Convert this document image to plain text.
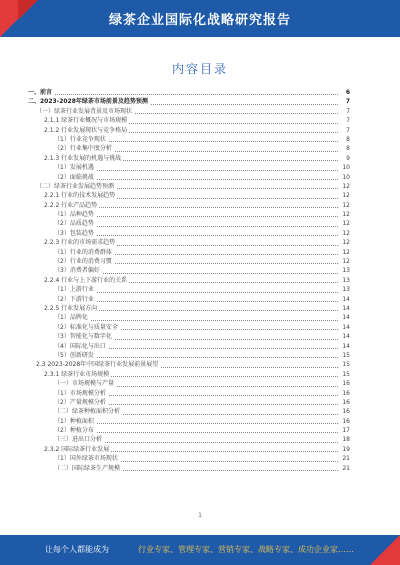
绿茶企业国际化战略研究报告
内容目录
一、前言	6
二、2023-2028年绿茶市场前景及趋势预测	7
（一）绿茶行业发展背景及市场现状	7
2.1.1 绿茶行业概况与市场规模	7
2.1.2 行业发展现状与竞争格局	7
（1）行业竞争现状	8
（2）行业集中度分析	8
2.1.3 行业发展的机遇与挑战	9
（1）发展机遇	10
（2）面临挑战	10
（二）绿茶行业发展趋势预测	12
2.2.1 行业的技术发展趋势	12
2.2.2 行业产品趋势	12
（1）品种趋势	12
（2）品质趋势	12
（3）包装趋势	12
2.2.3 行业的市场需求趋势	12
（1）行业的消费群体	12
（2）行业的消费习惯	12
（3）消费者偏好	13
2.2.4 行业与上下游行业的关系	13
（1）上游行业	13
（2）下游行业	14
2.2.5 行业发展方向	14
（1）品牌化	14
（2）标准化与质量安全	14
（3）智能化与数字化	14
（4）国际化与出口	14
（5）创新研发	15
2.3 2023-2028年中国绿茶行业发展前景展望	15
2.3.1 绿茶行业市场规模	15
（一）市场规模与产量	16
（1）市场规模分析	16
（2）产量规模分析	16
（二）绿茶种植面积分析	16
（1）种植面积	16
（2）种植分布	17
（三）进出口分析	18
2.3.2 国际绿茶行业发展	19
（1）国外绿茶市场现状	21
（二）国际绿茶生产规模	21
1
让每个人都能成为	行业专家、管理专家、营销专家、战略专家、成功企业家……
